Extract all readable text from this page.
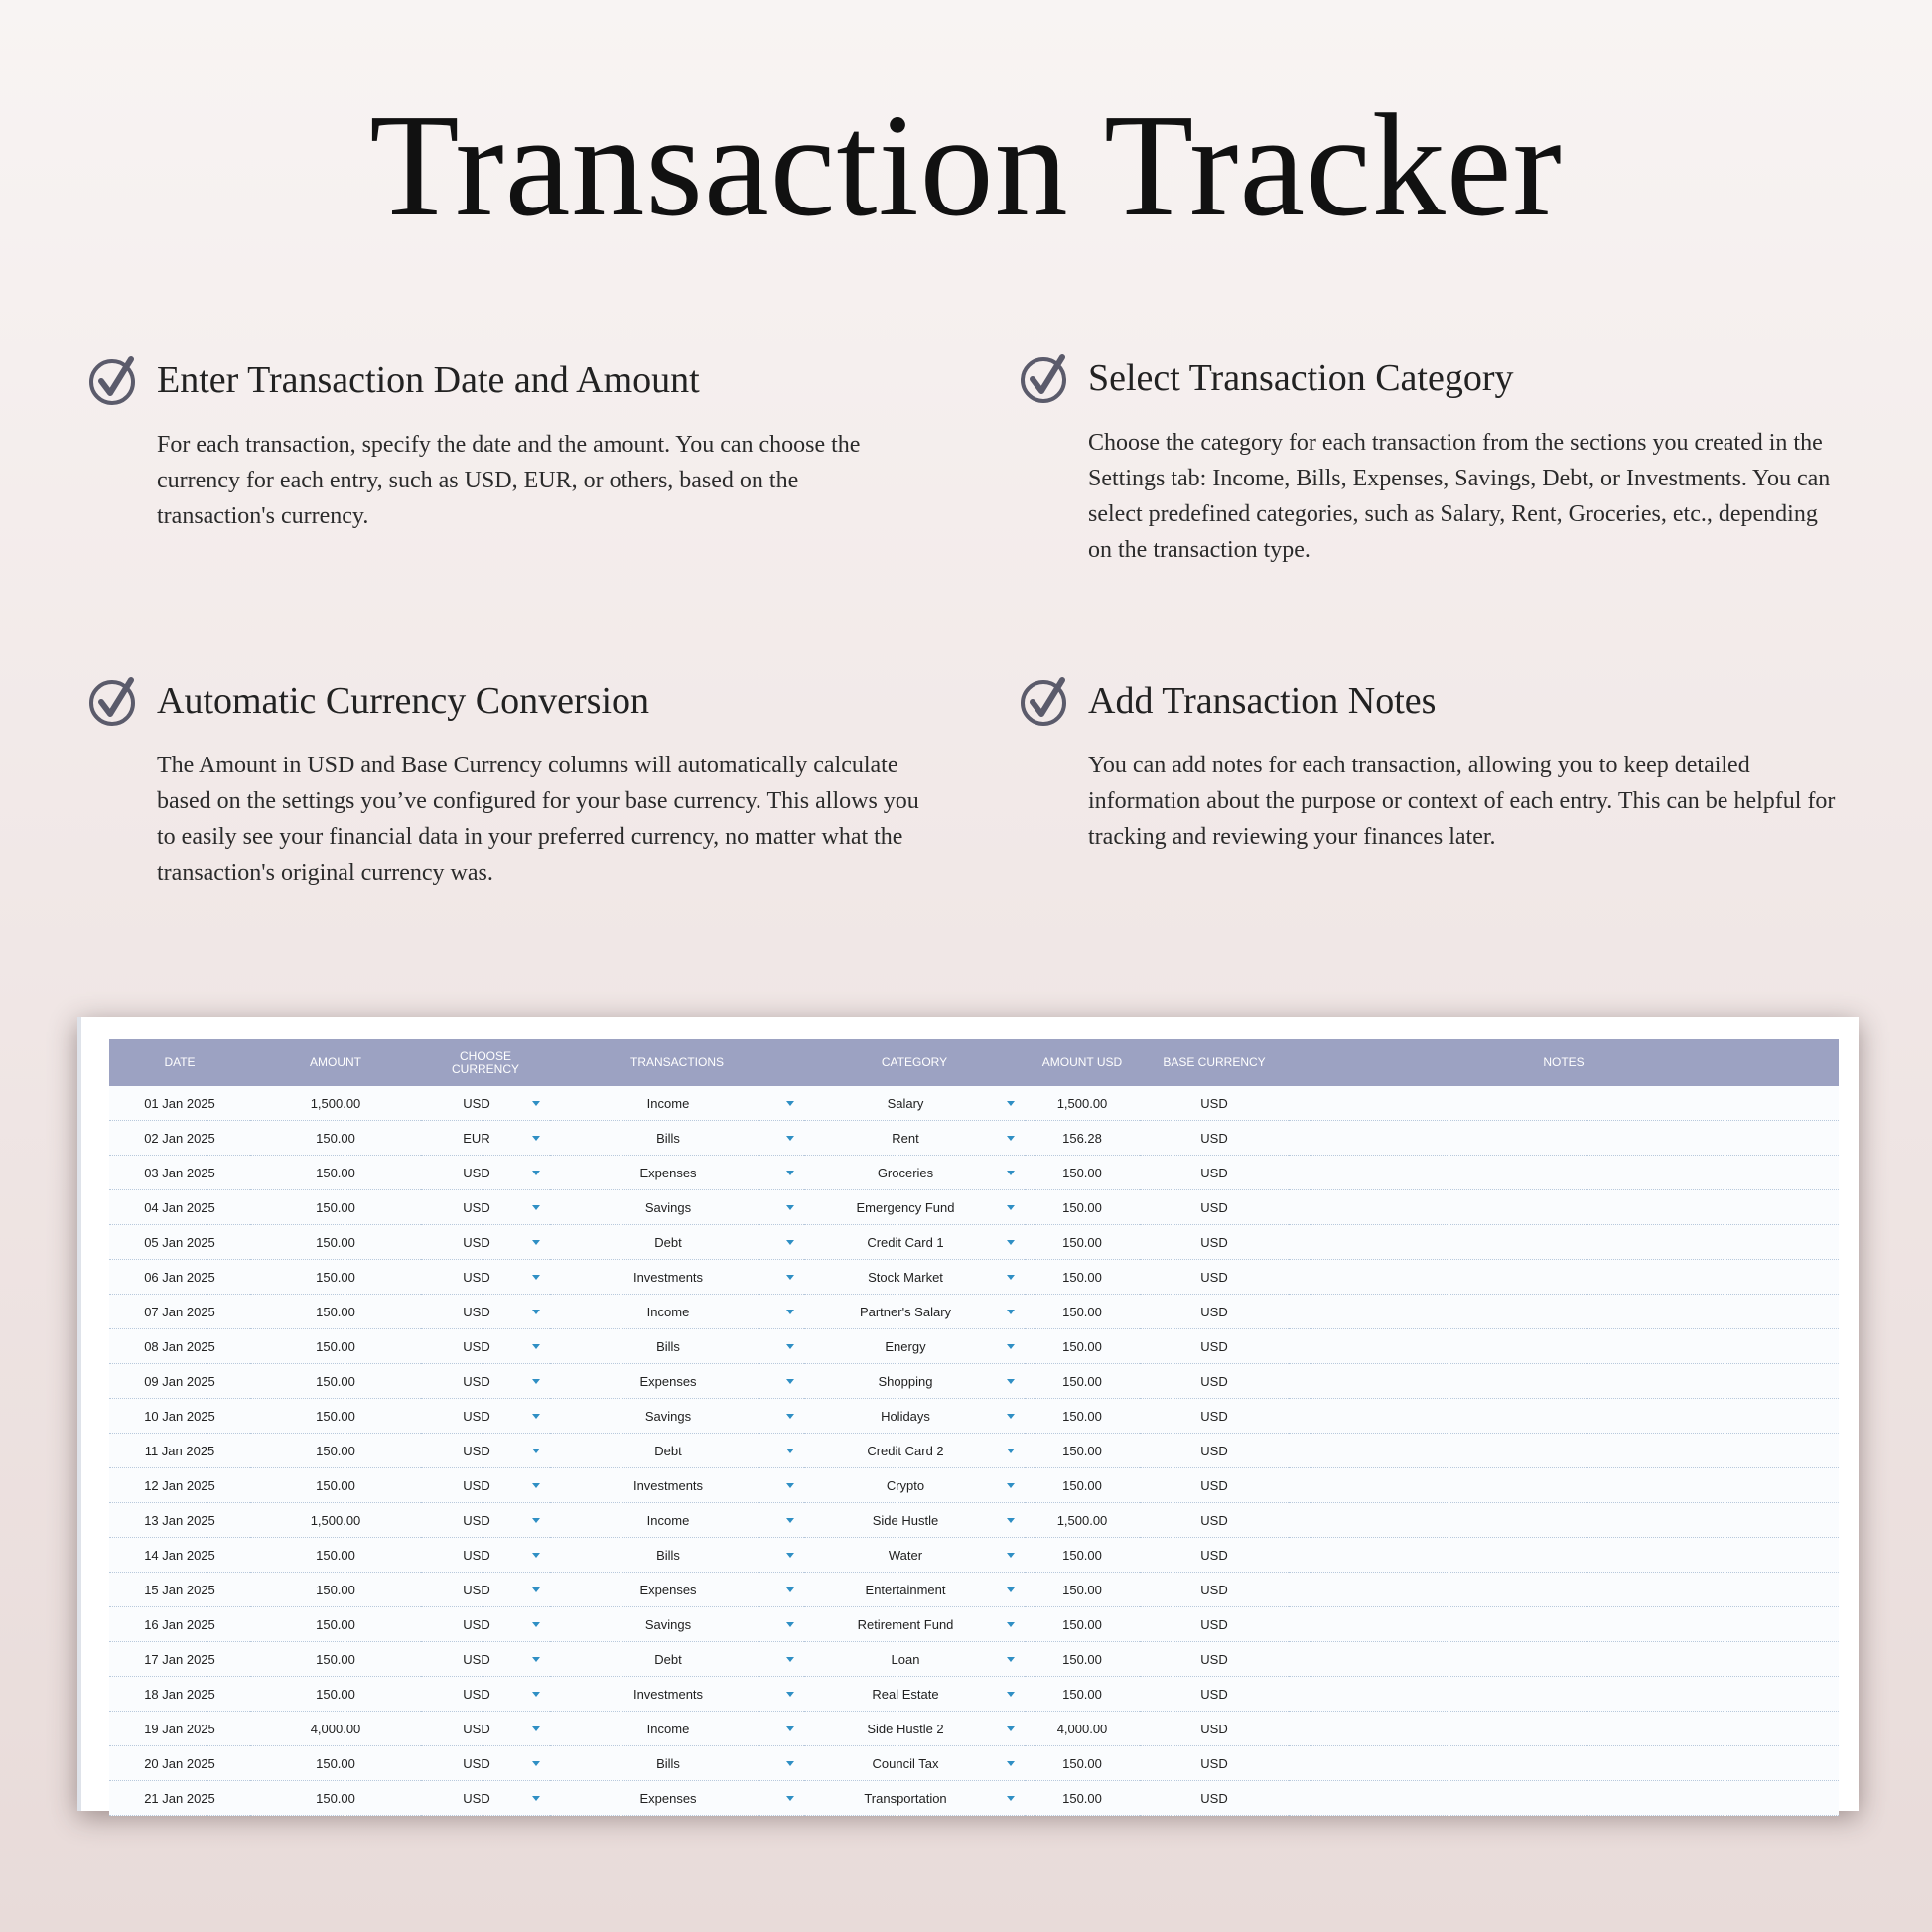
Transaction Tracker
Enter Transaction Date and Amount

For each transaction, specify the date and the amount. You can choose the currency for each entry, such as USD, EUR, or others, based on the transaction's currency.

Select Transaction Category

Choose the category for each transaction from the sections you created in the Settings tab: Income, Bills, Expenses, Savings, Debt, or Investments. You can select predefined categories, such as Salary, Rent, Groceries, etc., depending on the transaction type.

Automatic Currency Conversion

The Amount in USD and Base Currency columns will automatically calculate based on the settings you’ve configured for your base currency. This allows you to easily see your financial data in your preferred currency, no matter what the transaction's original currency was.

Add Transaction Notes

You can add notes for each transaction, allowing you to keep detailed information about the purpose or context of each entry. This can be helpful for tracking and reviewing your finances later.

DATE	AMOUNT	CHOOSE CURRENCY	TRANSACTIONS	CATEGORY	AMOUNT USD	BASE CURRENCY	NOTES
01 Jan 2025	1,500.00	USD	Income	Salary	1,500.00	USD	
02 Jan 2025	150.00	EUR	Bills	Rent	156.28	USD	
03 Jan 2025	150.00	USD	Expenses	Groceries	150.00	USD	
04 Jan 2025	150.00	USD	Savings	Emergency Fund	150.00	USD	
05 Jan 2025	150.00	USD	Debt	Credit Card 1	150.00	USD	
06 Jan 2025	150.00	USD	Investments	Stock Market	150.00	USD	
07 Jan 2025	150.00	USD	Income	Partner's Salary	150.00	USD	
08 Jan 2025	150.00	USD	Bills	Energy	150.00	USD	
09 Jan 2025	150.00	USD	Expenses	Shopping	150.00	USD	
10 Jan 2025	150.00	USD	Savings	Holidays	150.00	USD	
11 Jan 2025	150.00	USD	Debt	Credit Card 2	150.00	USD	
12 Jan 2025	150.00	USD	Investments	Crypto	150.00	USD	
13 Jan 2025	1,500.00	USD	Income	Side Hustle	1,500.00	USD	
14 Jan 2025	150.00	USD	Bills	Water	150.00	USD	
15 Jan 2025	150.00	USD	Expenses	Entertainment	150.00	USD	
16 Jan 2025	150.00	USD	Savings	Retirement Fund	150.00	USD	
17 Jan 2025	150.00	USD	Debt	Loan	150.00	USD	
18 Jan 2025	150.00	USD	Investments	Real Estate	150.00	USD	
19 Jan 2025	4,000.00	USD	Income	Side Hustle 2	4,000.00	USD	
20 Jan 2025	150.00	USD	Bills	Council Tax	150.00	USD	
21 Jan 2025	150.00	USD	Expenses	Transportation	150.00	USD	
